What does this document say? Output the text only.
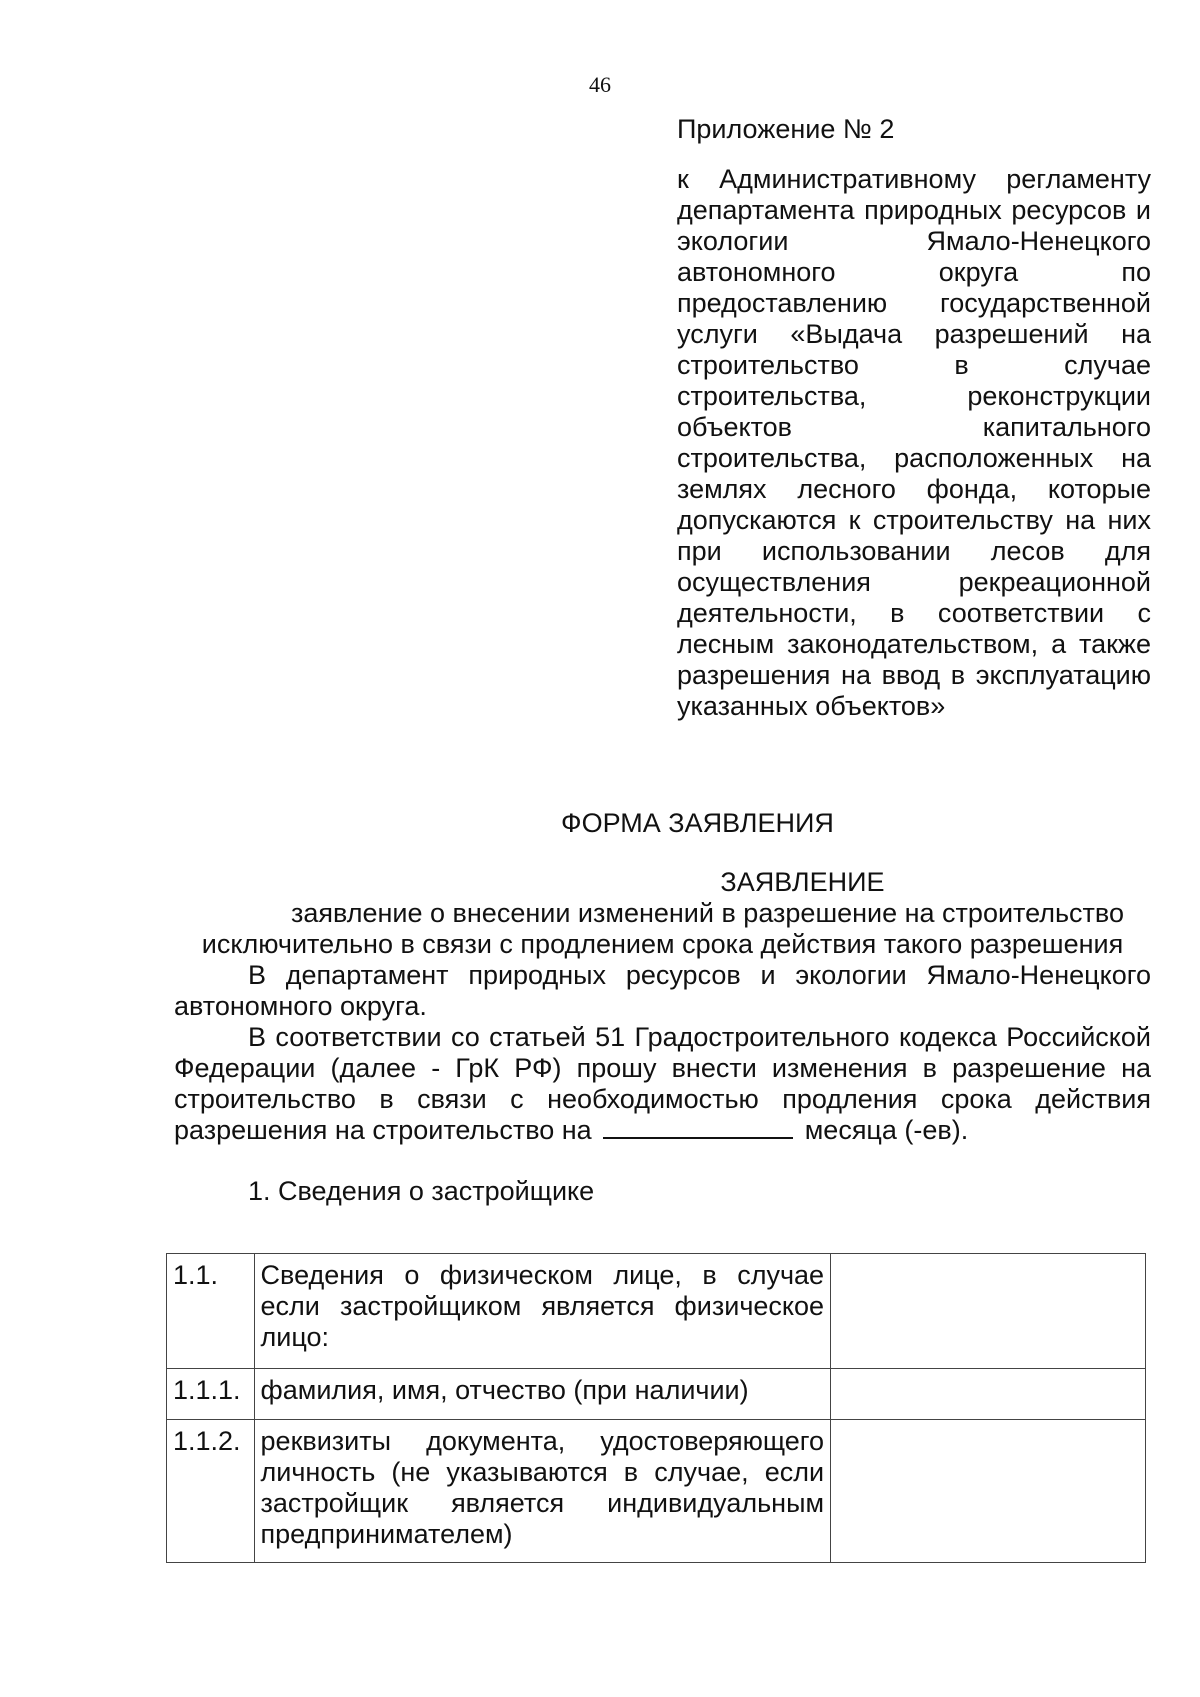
46
Приложение № 2
к Административному регламенту департамента природных ресурсов и экологии Ямало-Ненецкого автономного округа по предоставлению государственной услуги «Выдача разрешений на строительство в случае строительства, реконструкции объектов капитального строительства, расположенных на землях лесного фонда, которые допускаются к строительству на них при использовании лесов для осуществления рекреационной деятельности, в соответствии с лесным законодательством, а также разрешения на ввод в эксплуатацию указанных объектов»
ФОРМА ЗАЯВЛЕНИЯ
ЗАЯВЛЕНИЕ
заявление о внесении изменений в разрешение на строительство
исключительно в связи с продлением срока действия такого разрешения

В департамент природных ресурсов и экологии Ямало-Ненецкого автономного округа.

В соответствии со статьей 51 Градостроительного кодекса Российской Федерации (далее - ГрК РФ) прошу внести изменения в разрешение на строительство в связи с необходимостью продления срока действия разрешения на строительство на	месяца (-ев).

1. Сведения о застройщике
1.1.	Сведения о физическом лице, в случае если застройщиком является физическое лицо:	
1.1.1.	фамилия, имя, отчество (при наличии)	
1.1.2.	реквизиты документа, удостоверяющего личность (не указываются в случае, если застройщик является индивидуальным предпринимателем)	
